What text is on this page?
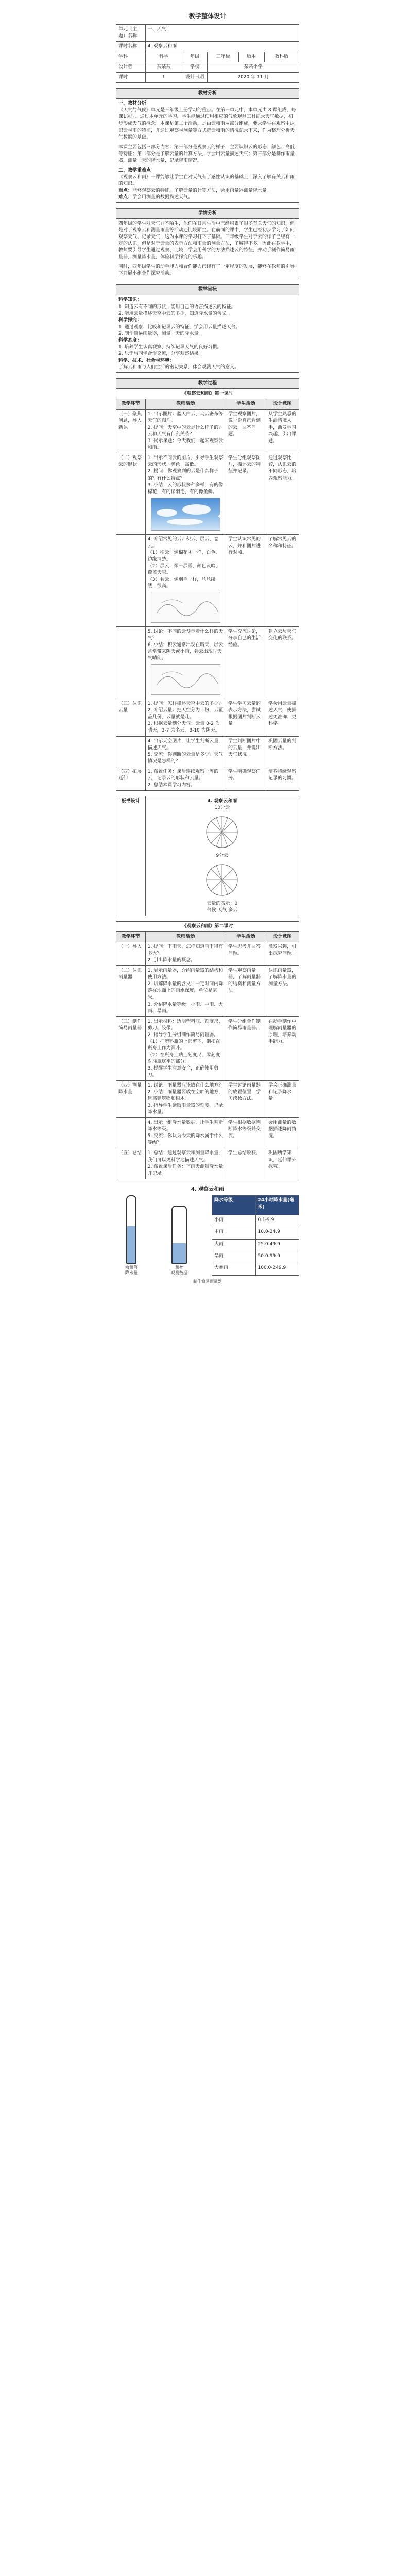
教学整体设计
单元（主题）名称	一、天气				
课时名称	4. 观察云和雨				
学科	科学	年级	三年级	版本	教科版
设计者	某某某	学校	某某小学		
课时	1	设计日期	2020 年 11 月		
教材分析

一、教材分析
《天气与气候》单元是三年级上册学习的重点。在第一单元中，本单元由 8 课组成，每课1课时。通过本单元的学习，学生能通过使用相应的气象观测工具记录天气数据，初步形成天气的概念。本课是第二个活动，是由云和雨两部分组成，要求学生在观察中认识云与雨的特征，并通过观察与测量等方式把云和雨的情况记录下来，作为整理分析天气数据的基础。
本课主要包括三部分内容：第一部分是观察云的样子，主要认识云的形态、颜色、高低等特征；第二部分是了解云量的计算方法，学会用云量描述天气；第三部分是制作雨量器，测量一天的降水量，记录降雨情况。
二、教学重难点
《观察云和雨》一课能够让学生在对天气有了感性认识的基础上，深入了解有关云和雨的知识。
重点：能够观察云的特征，了解云量的计算方法，会用雨量器测量降水量。
难点：学会用测量的数据描述天气。
学情分析

四年级的学生对天气并不陌生，他们在日常生活中已经积累了很多有关天气的知识，但是对于观察云和测量雨量等活动还比较陌生。在前面的课中，学生已经初步学习了如何观察天气、记录天气，这为本课的学习打下了基础。三年级学生对于云的样子已经有一定的认识，但是对于云量的表示方法和雨量的测量方法，了解得不多。因此在教学中，教师要引导学生通过观察、比较，学会用科学的方法描述云的特征，并动手制作简易雨量器，测量降水量，体验科学探究的乐趣。
同时，四年级学生的动手能力和合作能力已经有了一定程度的发展，能够在教师的引导下开展小组合作探究活动。
教学目标

科学知识：
1. 知道云有不同的形状，能用自己的语言描述云的特征。
2. 能用云量描述天空中云的多少，知道降水量的含义。
科学探究：
1. 通过观察、比较和记录云的特征，学会用云量描述天气。
2. 制作简易雨量器，测量一天的降水量。
科学态度：
1. 培养学生认真观察、持续记录天气的良好习惯。
2. 乐于与同伴合作交流，分享观察结果。
科学、技术、社会与环境：
了解云和雨与人们生活的密切关系，体会观测天气的意义。
教学过程			
《观察云和雨》第一课时			
教学环节	教师活动	学生活动	设计意图
（一）聚焦问题，导入新课	1. 出示图片：蓝天白云、乌云密布等天气的图片。
2. 提问：天空中的云是什么样子的？云和天气有什么关系？
3. 揭示课题：今天我们一起来观察云和雨。	学生观察图片，说一说自己看到的云，回答问题。	从学生熟悉的生活情境入手，激发学习兴趣，引出课题。
（二）观察云的形状	1. 出示不同云的图片，引导学生观察云的形状、颜色、高低。
2. 提问：你观察到的云是什么样子的？有什么特点？
3. 小结：云的形状多种多样，有的像棉花，有的像羽毛，有的像鱼鳞。	学生分组观察图片，描述云的特征并记录。	通过观察比较，认识云的不同形态，培养观察能力。
	4. 介绍常见的云：积云、层云、卷云。
（1）积云：像棉花团一样，白色，边缘清楚。
（2）层云：像一层雾，颜色灰暗，覆盖天空。
（3）卷云：像羽毛一样，丝丝缕缕，很高。	学生认识常见的云，并和图片进行对照。	了解常见云的名称和特征。
	5. 讨论：不同的云预示着什么样的天气？
6. 小结：积云通常出现在晴天，层云常常带来阴天或小雨，卷云出现时天气晴朗。	学生交流讨论，分享自己的生活经验。	建立云与天气变化的联系。
（三）认识云量	1. 提问：怎样描述天空中云的多少？
2. 介绍云量：把天空分为十份，云覆盖几份，云量就是几。
3. 根据云量划分天气：云量 0-2 为晴天，3-7 为多云，8-10 为阴天。	学生学习云量的表示方法，尝试根据图片判断云量。	学会用云量描述天气，使描述更准确、更科学。
	4. 出示天空图片，让学生判断云量，描述天气。
5. 交流：你判断的云量是多少？天气情况是怎样的？	学生判断图片中的云量，并说出天气状况。	巩固云量的判断方法。
（四）拓展延伸	1. 布置任务：课后连续观察一周的云，记录云的形状和云量。
2. 总结本课学习内容。	学生明确观察任务。	培养持续观察记录的习惯。
板书设计	4. 观察云和雨
10分云

9分云
云量的表示：0
气候 天气 多云
《观察云和雨》第二课时			
教学环节	教师活动	学生活动	设计意图
（一）导入	1. 提问：下雨天，怎样知道雨下得有多大？
2. 引出降水量的概念。	学生思考并回答问题。	激发兴趣，引出探究问题。
（二）认识雨量器	1. 展示雨量器，介绍雨量器的结构和使用方法。
2. 讲解降水量的含义：一定时间内降落在地面上的雨水深度，单位是毫米。
3. 介绍降水量等级：小雨、中雨、大雨、暴雨。	学生观察雨量器，了解雨量器的结构和测量方法。	认识雨量器，了解降水量的测量方法。
（三）制作简易雨量器	1. 出示材料：透明塑料瓶、刻度尺、剪刀、胶带。
2. 指导学生分组制作简易雨量器。
（1）把塑料瓶的上部剪下，倒扣在瓶身上作为漏斗。
（2）在瓶身上贴上刻度尺，零刻度对准瓶底平的部分。
3. 提醒学生注意安全，正确使用剪刀。	学生分组合作制作简易雨量器。	在动手制作中理解雨量器的原理，培养动手能力。
（四）测量降水量	1. 讨论：雨量器应该放在什么地方？
2. 小结：雨量器要放在空旷的地方，远离建筑物和树木。
3. 指导学生读取雨量器的刻度，记录降水量。	学生讨论雨量器的放置位置，学习读数方法。	学会正确测量和记录降水量。
	4. 出示一组降水量数据，让学生判断降水等级。
5. 交流：你认为今天的降水属于什么等级？	学生根据数据判断降水等级并交流。	会用测量的数据描述降雨情况。
（五）总结	1. 总结：通过观察云和测量降水量，我们可以更科学地描述天气。
2. 布置课后任务：下雨天测量降水量并记录。	学生总结收获。	巩固所学知识，延伸课外探究。
4. 观察云和雨
雨量筒
降水量
量杯
观测数据
降水等级	24小时降水量(毫米)
小雨	0.1-9.9
中雨	10.0-24.9
大雨	25.0-49.9
暴雨	50.0-99.9
大暴雨	100.0-249.9
制作简易雨量器
